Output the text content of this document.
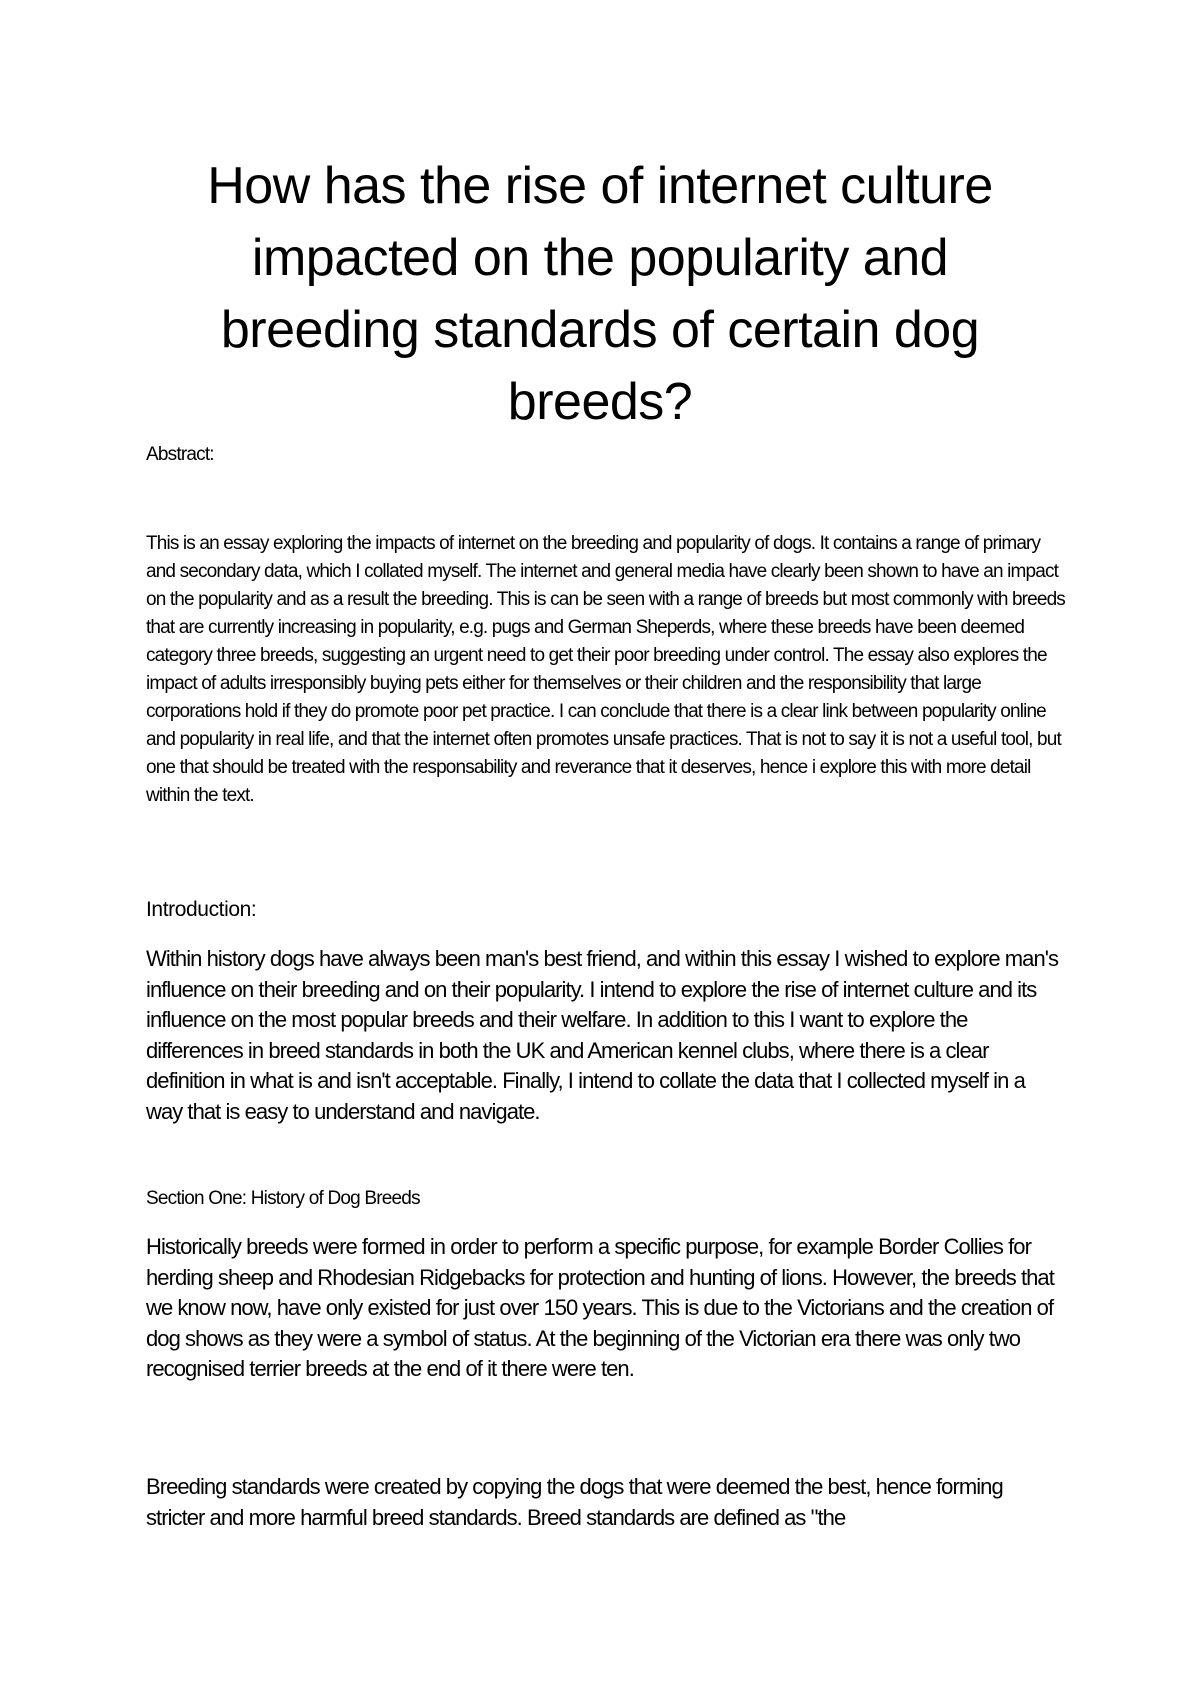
How has the rise of internet culture impacted on the popularity and breeding standards of certain dog breeds?

Abstract:

This is an essay exploring the impacts of internet on the breeding and popularity of dogs. It contains a range of primary and secondary data, which I collated myself. The internet and general media have clearly been shown to have an impact on the popularity and as a result the breeding. This is can be seen with a range of breeds but most commonly with breeds that are currently increasing in popularity, e.g. pugs and German Sheperds, where these breeds have been deemed category three breeds, suggesting an urgent need to get their poor breeding under control. The essay also explores the impact of adults irresponsibly buying pets either for themselves or their children and the responsibility that large corporations hold if they do promote poor pet practice. I can conclude that there is a clear link between popularity online and popularity in real life, and that the internet often promotes unsafe practices. That is not to say it is not a useful tool, but one that should be treated with the responsability and reverance that it deserves, hence i explore this with more detail within the text.

Introduction:

Within history dogs have always been man's best friend, and within this essay I wished to explore man's influence on their breeding and on their popularity. I intend to explore the rise of internet culture and its influence on the most popular breeds and their welfare. In addition to this I want to explore the differences in breed standards in both the UK and American kennel clubs, where there is a clear definition in what is and isn't acceptable. Finally, I intend to collate the data that I collected myself in a way that is easy to understand and navigate.

Section One: History of Dog Breeds

Historically breeds were formed in order to perform a specific purpose, for example Border Collies for herding sheep and Rhodesian Ridgebacks for protection and hunting of lions. However, the breeds that we know now, have only existed for just over 150 years. This is due to the Victorians and the creation of dog shows as they were a symbol of status. At the beginning of the Victorian era there was only two recognised terrier breeds at the end of it there were ten.

Breeding standards were created by copying the dogs that were deemed the best, hence forming stricter and more harmful breed standards. Breed standards are defined as "the
